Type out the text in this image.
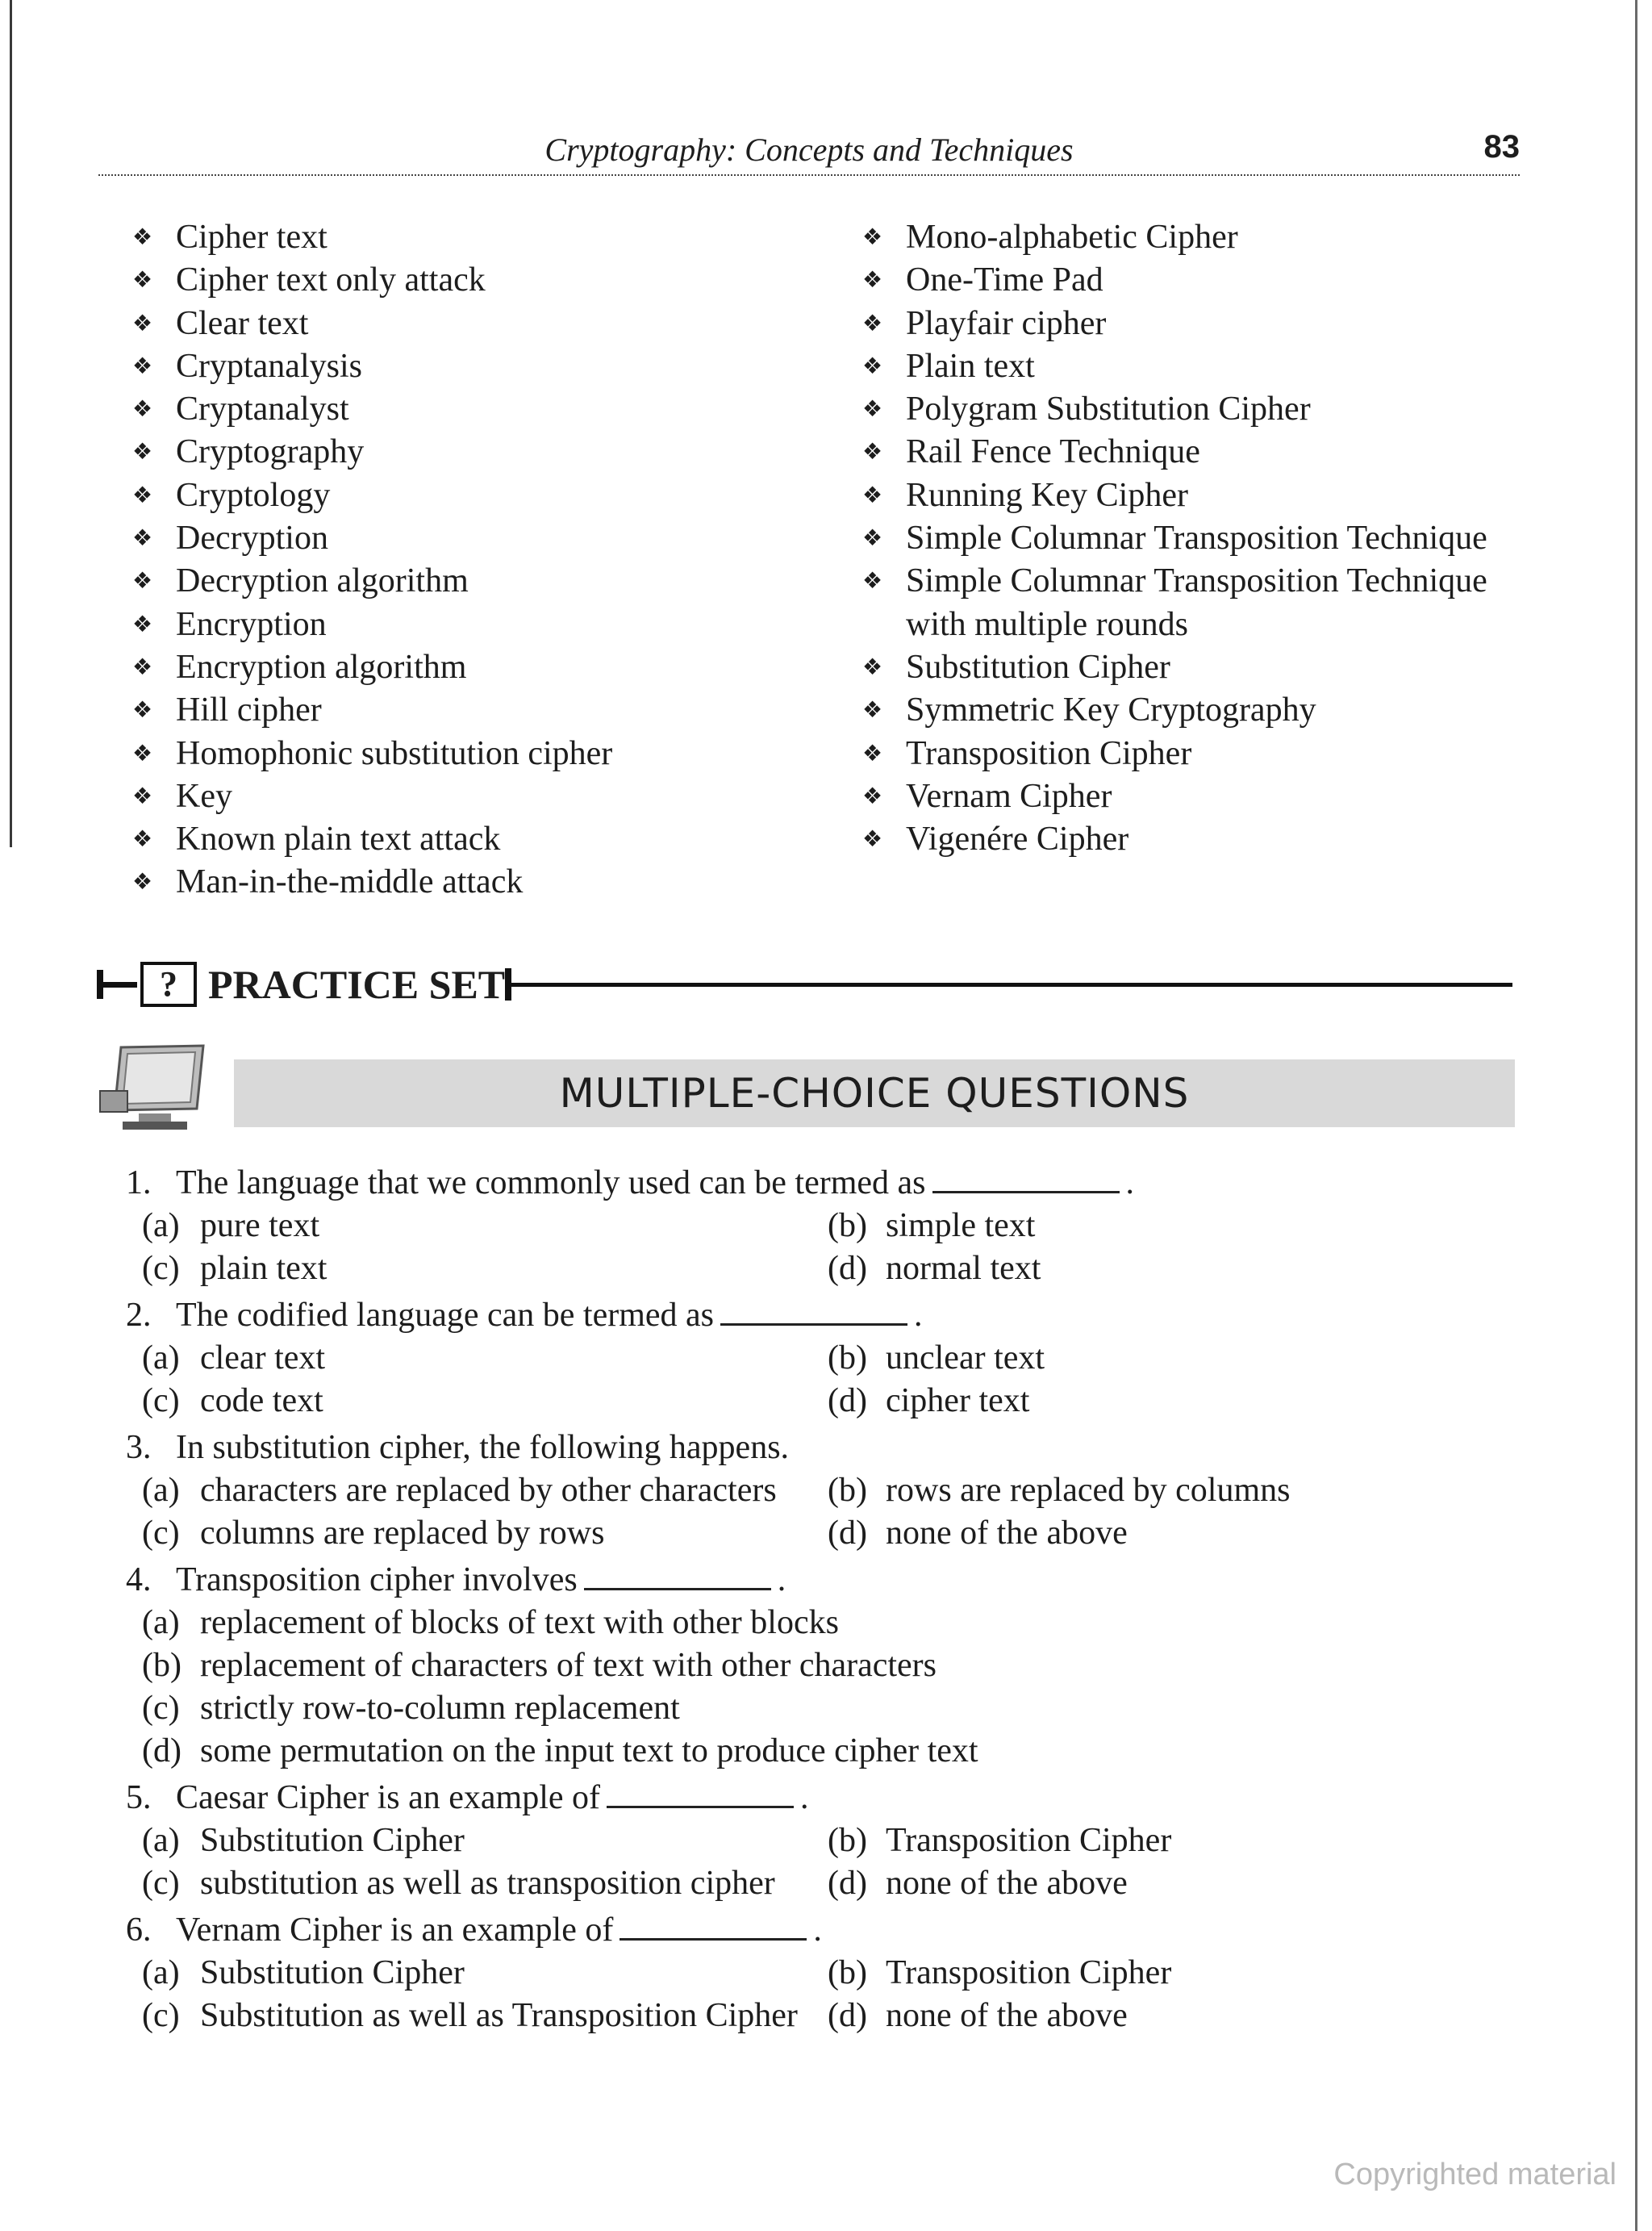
Cryptography: Concepts and Techniques	83
❖ Cipher text
❖ Cipher text only attack
❖ Clear text
❖ Cryptanalysis
❖ Cryptanalyst
❖ Cryptography
❖ Cryptology
❖ Decryption
❖ Decryption algorithm
❖ Encryption
❖ Encryption algorithm
❖ Hill cipher
❖ Homophonic substitution cipher
❖ Key
❖ Known plain text attack
❖ Man-in-the-middle attack
❖ Mono-alphabetic Cipher
❖ One-Time Pad
❖ Playfair cipher
❖ Plain text
❖ Polygram Substitution Cipher
❖ Rail Fence Technique
❖ Running Key Cipher
❖ Simple Columnar Transposition Technique
❖ Simple Columnar Transposition Technique with multiple rounds
❖ Substitution Cipher
❖ Symmetric Key Cryptography
❖ Transposition Cipher
❖ Vernam Cipher
❖ Vigenére Cipher
? PRACTICE SET
MULTIPLE-CHOICE QUESTIONS
1. The language that we commonly used can be termed as	.
(a) pure text	(b) simple text
(c) plain text	(d) normal text
2. The codified language can be termed as	.
(a) clear text	(b) unclear text
(c) code text	(d) cipher text
3. In substitution cipher, the following happens.
(a) characters are replaced by other characters	(b) rows are replaced by columns
(c) columns are replaced by rows	(d) none of the above
4. Transposition cipher involves	.
(a) replacement of blocks of text with other blocks
(b) replacement of characters of text with other characters
(c) strictly row-to-column replacement
(d) some permutation on the input text to produce cipher text
5. Caesar Cipher is an example of	.
(a) Substitution Cipher	(b) Transposition Cipher
(c) substitution as well as transposition cipher	(d) none of the above
6. Vernam Cipher is an example of	.
(a) Substitution Cipher	(b) Transposition Cipher
(c) Substitution as well as Transposition Cipher (d) none of the above
Copyrighted material
